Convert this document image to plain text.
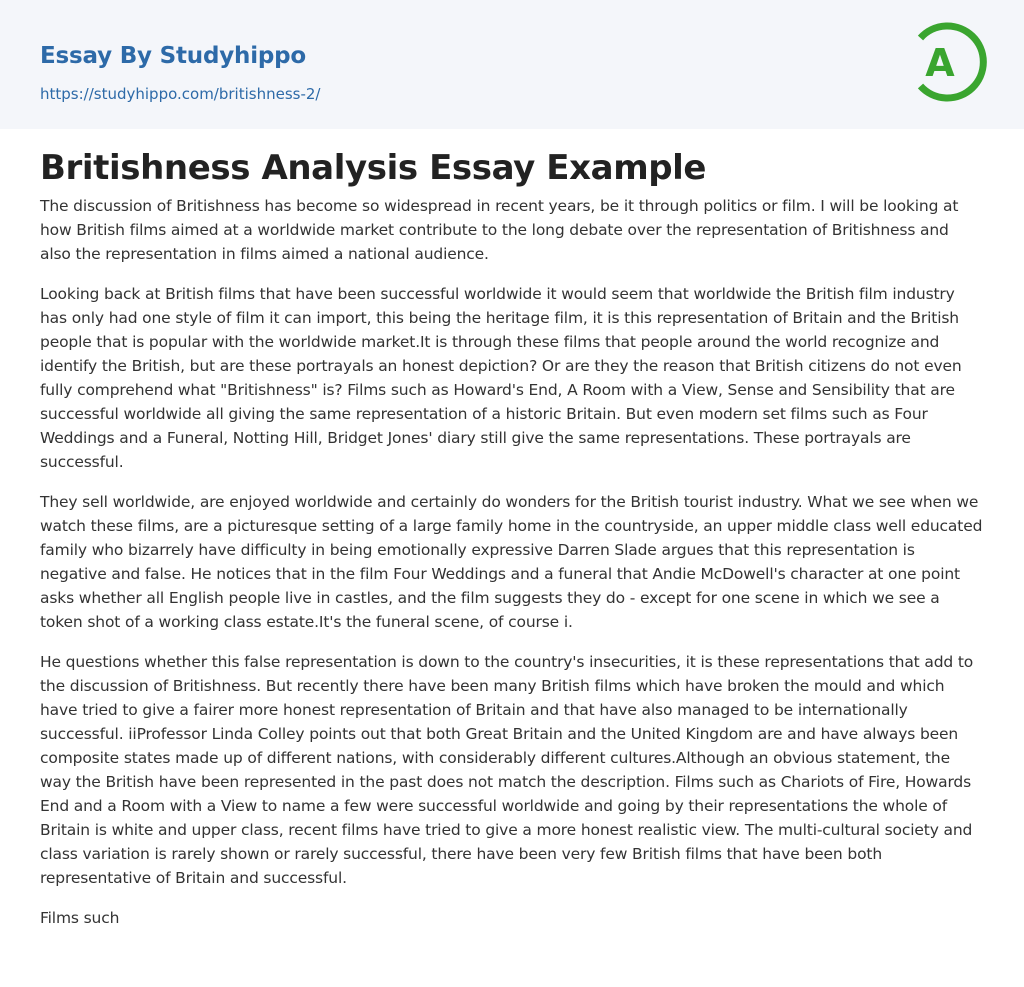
Essay By Studyhippo
https://studyhippo.com/britishness-2/
A
Britishness Analysis Essay Example

The discussion of Britishness has become so widespread in recent years, be it through politics or film. I will be looking at how British films aimed at a worldwide market contribute to the long debate over the representation of Britishness and also the representation in films aimed a national audience.

Looking back at British films that have been successful worldwide it would seem that worldwide the British film industry has only had one style of film it can import, this being the heritage film, it is this representation of Britain and the British people that is popular with the worldwide market.It is through these films that people around the world recognize and identify the British, but are these portrayals an honest depiction? Or are they the reason that British citizens do not even fully comprehend what "Britishness" is? Films such as Howard's End, A Room with a View, Sense and Sensibility that are successful worldwide all giving the same representation of a historic Britain. But even modern set films such as Four Weddings and a Funeral, Notting Hill, Bridget Jones' diary still give the same representations. These portrayals are successful.

They sell worldwide, are enjoyed worldwide and certainly do wonders for the British tourist industry. What we see when we watch these films, are a picturesque setting of a large family home in the countryside, an upper middle class well educated family who bizarrely have difficulty in being emotionally expressive Darren Slade argues that this representation is negative and false. He notices that in the film Four Weddings and a funeral that Andie McDowell's character at one point asks whether all English people live in castles, and the film suggests they do - except for one scene in which we see a token shot of a working class estate.It's the funeral scene, of course i.

He questions whether this false representation is down to the country's insecurities, it is these representations that add to the discussion of Britishness. But recently there have been many British films which have broken the mould and which have tried to give a fairer more honest representation of Britain and that have also managed to be internationally successful. iiProfessor Linda Colley points out that both Great Britain and the United Kingdom are and have always been composite states made up of different nations, with considerably different cultures.Although an obvious statement, the way the British have been represented in the past does not match the description. Films such as Chariots of Fire, Howards End and a Room with a View to name a few were successful worldwide and going by their representations the whole of Britain is white and upper class, recent films have tried to give a more honest realistic view. The multi-cultural society and class variation is rarely shown or rarely successful, there have been very few British films that have been both representative of Britain and successful.

Films such
